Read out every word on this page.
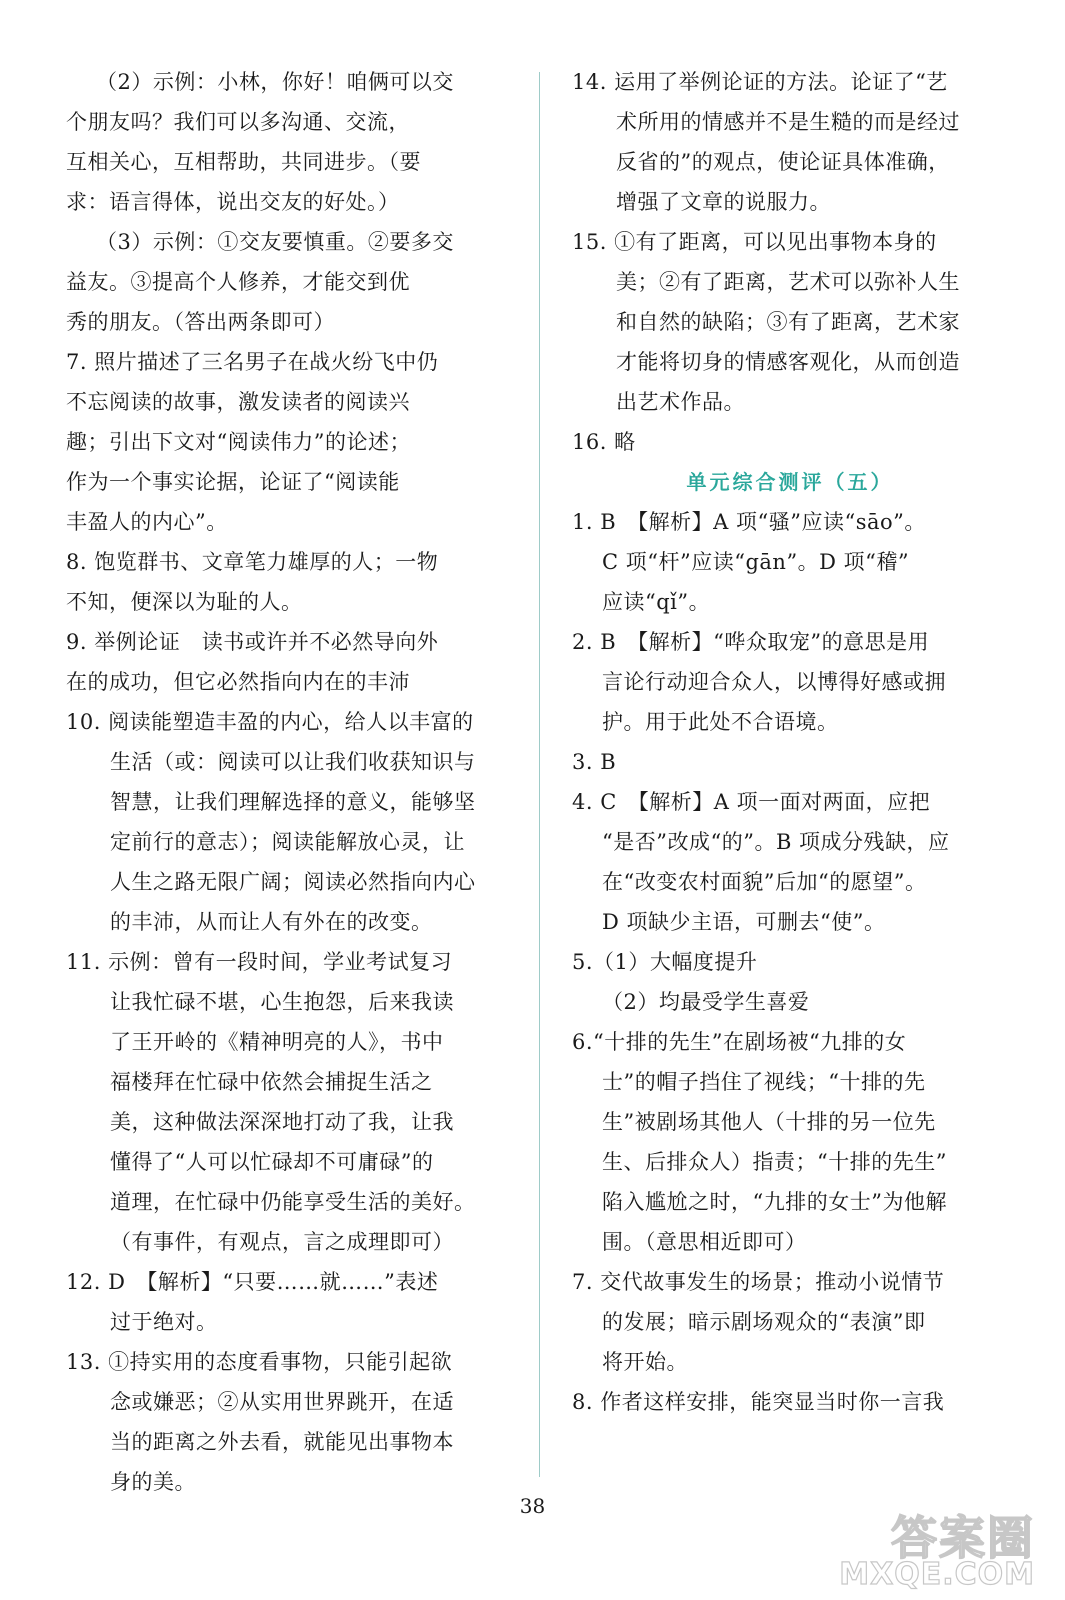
（2）示例：小林，你好！咱俩可以交
个朋友吗？我们可以多沟通、交流，
互相关心，互相帮助，共同进步。（要
求：语言得体，说出交友的好处。）
（3）示例：①交友要慎重。②要多交
益友。③提高个人修养，才能交到优
秀的朋友。（答出两条即可）
7. 照片描述了三名男子在战火纷飞中仍
不忘阅读的故事，激发读者的阅读兴
趣；引出下文对“阅读伟力”的论述；
作为一个事实论据，论证了“阅读能
丰盈人的内心”。
8. 饱览群书、文章笔力雄厚的人；一物
不知，便深以为耻的人。
9. 举例论证　读书或许并不必然导向外
在的成功，但它必然指向内在的丰沛
10. 阅读能塑造丰盈的内心，给人以丰富的
生活（或：阅读可以让我们收获知识与
智慧，让我们理解选择的意义，能够坚
定前行的意志）；阅读能解放心灵，让
人生之路无限广阔；阅读必然指向内心
的丰沛，从而让人有外在的改变。
11. 示例：曾有一段时间，学业考试复习
让我忙碌不堪，心生抱怨，后来我读
了王开岭的《精神明亮的人》，书中
福楼拜在忙碌中依然会捕捉生活之
美，这种做法深深地打动了我，让我
懂得了“人可以忙碌却不可庸碌”的
道理，在忙碌中仍能享受生活的美好。
（有事件，有观点，言之成理即可）
12. D　【解析】“只要……就……”表述
过于绝对。
13. ①持实用的态度看事物，只能引起欲
念或嫌恶；②从实用世界跳开，在适
当的距离之外去看，就能见出事物本
身的美。
14. 运用了举例论证的方法。论证了“艺
术所用的情感并不是生糙的而是经过
反省的”的观点，使论证具体准确，
增强了文章的说服力。
15. ①有了距离，可以见出事物本身的
美；②有了距离，艺术可以弥补人生
和自然的缺陷；③有了距离，艺术家
才能将切身的情感客观化，从而创造
出艺术作品。
16. 略
单元综合测评（五）
1. B　【解析】A 项“骚”应读“sāo”。
C 项“杆”应读“gān”。D 项“稽”
应读“qǐ”。
2. B　【解析】“哗众取宠”的意思是用
言论行动迎合众人，以博得好感或拥
护。用于此处不合语境。
3. B
4. C　【解析】A 项一面对两面，应把
“是否”改成“的”。B 项成分残缺，应
在“改变农村面貌”后加“的愿望”。
D 项缺少主语，可删去“使”。
5.（1）大幅度提升
（2）均最受学生喜爱
6.“十排的先生”在剧场被“九排的女
士”的帽子挡住了视线；“十排的先
生”被剧场其他人（十排的另一位先
生、后排众人）指责；“十排的先生”
陷入尴尬之时，“九排的女士”为他解
围。（意思相近即可）
7. 交代故事发生的场景；推动小说情节
的发展；暗示剧场观众的“表演”即
将开始。
8. 作者这样安排，能突显当时你一言我
38
答案圈
MXQE.COM
